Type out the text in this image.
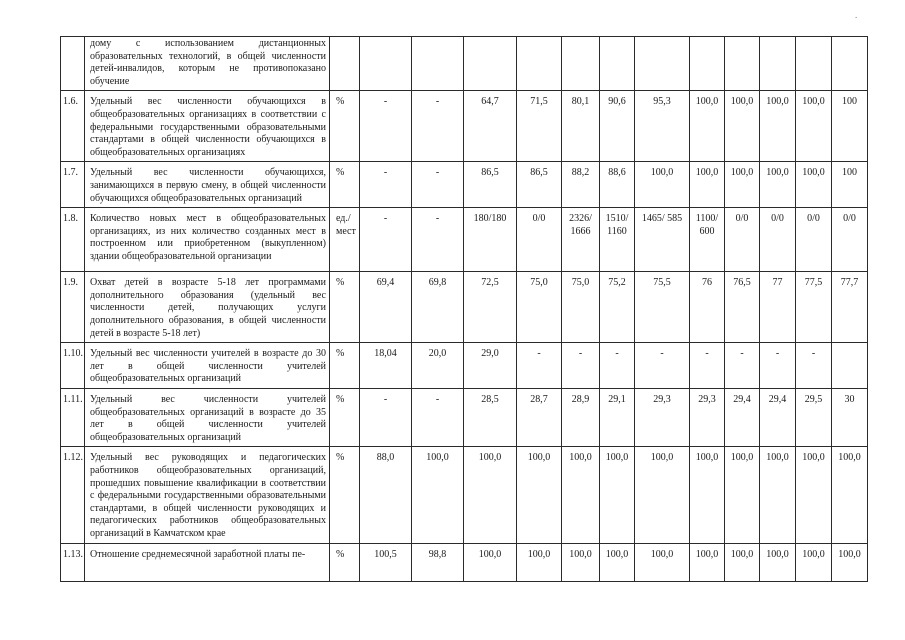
	дому с использованием дистанционных образовательных технологий, в общей численности детей-инвалидов, которым не противопоказано обучение													
1.6.	Удельный вес численности обучающихся в общеобразовательных организациях в соответствии с федеральными государственными образовательными стандартами в общей численности обучающихся в общеобразовательных организациях	%	-	-	64,7	71,5	80,1	90,6	95,3	100,0	100,0	100,0	100,0	100
1.7.	Удельный вес численности обучающихся, занимающихся в первую смену, в общей численности обучающихся общеобразовательных организаций	%	-	-	86,5	86,5	88,2	88,6	100,0	100,0	100,0	100,0	100,0	100
1.8.	Количество новых мест в общеобразовательных организациях, из них количество созданных мест в построенном или приобретенном (выкупленном) здании общеобразовательной организации	ед./мест	-	-	180/180	0/0	2326/ 1666	1510/ 1160	1465/ 585	1100/ 600	0/0	0/0	0/0	0/0
1.9.	Охват детей в возрасте 5-18 лет программами дополнительного образования (удельный вес численности детей, получающих услуги дополнительного образования, в общей численности детей в возрасте 5-18 лет)	%	69,4	69,8	72,5	75,0	75,0	75,2	75,5	76	76,5	77	77,5	77,7
1.10.	Удельный вес численности учителей в возрасте до 30 лет в общей численности учителей общеобразовательных организаций	%	18,04	20,0	29,0	-	-	-	-	-	-	-	-	
1.11.	Удельный вес численности учителей общеобразовательных организаций в возрасте до 35 лет в общей численности учителей общеобразовательных организаций	%	-	-	28,5	28,7	28,9	29,1	29,3	29,3	29,4	29,4	29,5	30
1.12.	Удельный вес руководящих и педагогических работников общеобразовательных организаций, прошедших повышение квалификации в соответствии с федеральными государственными образовательными стандартами, в общей численности руководящих и педагогических работников общеобразовательных организаций в Камчатском крае	%	88,0	100,0	100,0	100,0	100,0	100,0	100,0	100,0	100,0	100,0	100,0	100,0
1.13.	Отношение среднемесячной заработной платы пе-	%	100,5	98,8	100,0	100,0	100,0	100,0	100,0	100,0	100,0	100,0	100,0	100,0
.
